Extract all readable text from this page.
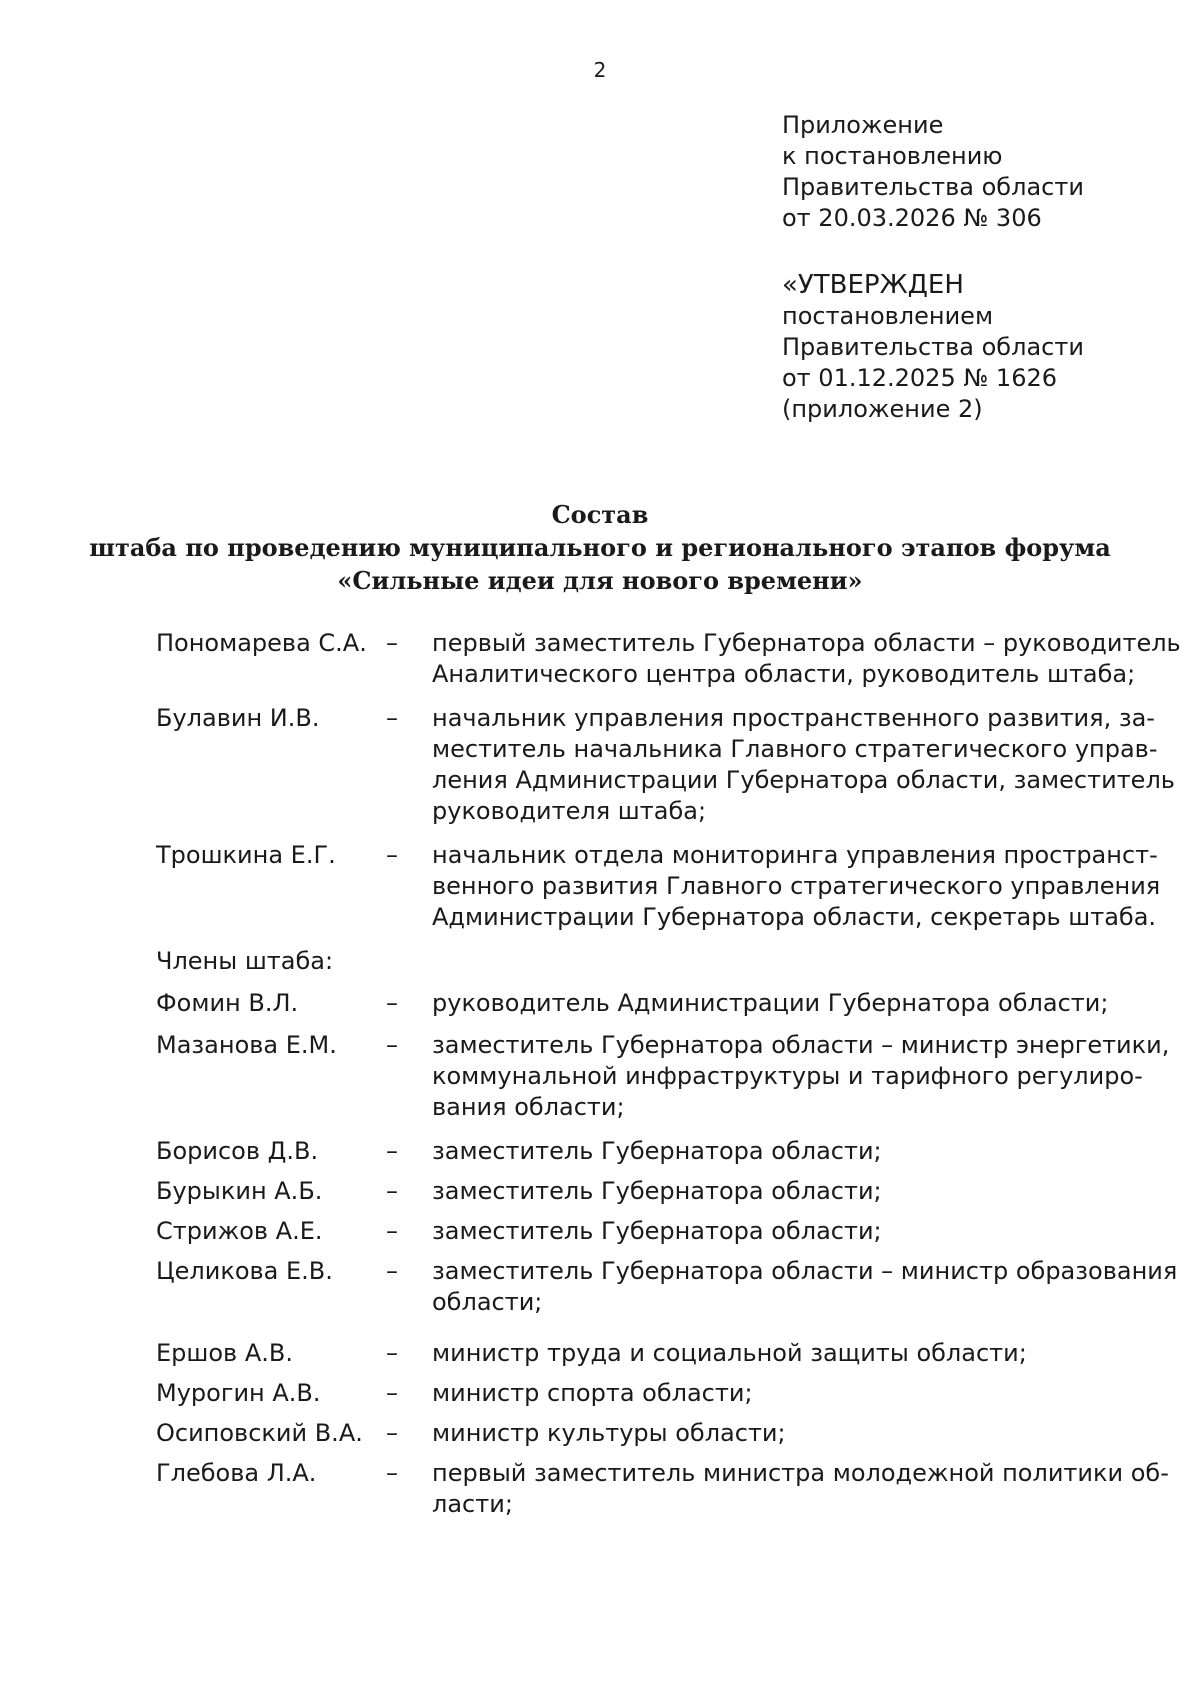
2
Приложение
к постановлению
Правительства области
от 20.03.2026 № 306
«УТВЕРЖДЕН
постановлением
Правительства области
от 01.12.2025 № 1626
(приложение 2)
Состав
штаба по проведению муниципального и регионального этапов форума
«Сильные идеи для нового времени»
Пономарева С.А. –	первый заместитель Губернатора области – руководитель
Аналитического центра области, руководитель штаба;
Булавин И.В.	–	начальник управления пространственного развития, за-
меститель начальника Главного стратегического управ-
ления Администрации Губернатора области, заместитель
руководителя штаба;
Трошкина Е.Г.	–	начальник отдела мониторинга управления пространст-
венного развития Главного стратегического управления
Администрации Губернатора области, секретарь штаба.
Члены штаба:
Фомин В.Л.	–	руководитель Администрации Губернатора области;
Мазанова Е.М.	–	заместитель Губернатора области – министр энергетики,
коммунальной инфраструктуры и тарифного регулиро-
вания области;
Борисов Д.В.	–	заместитель Губернатора области;
Бурыкин А.Б.	–	заместитель Губернатора области;
Стрижов А.Е.	–	заместитель Губернатора области;
Целикова Е.В.	–	заместитель Губернатора области – министр образования
области;
Ершов А.В.	–	министр труда и социальной защиты области;
Мурогин А.В.	–	министр спорта области;
Осиповский В.А. –	министр культуры области;
Глебова Л.А.	–	первый заместитель министра молодежной политики об-
ласти;
